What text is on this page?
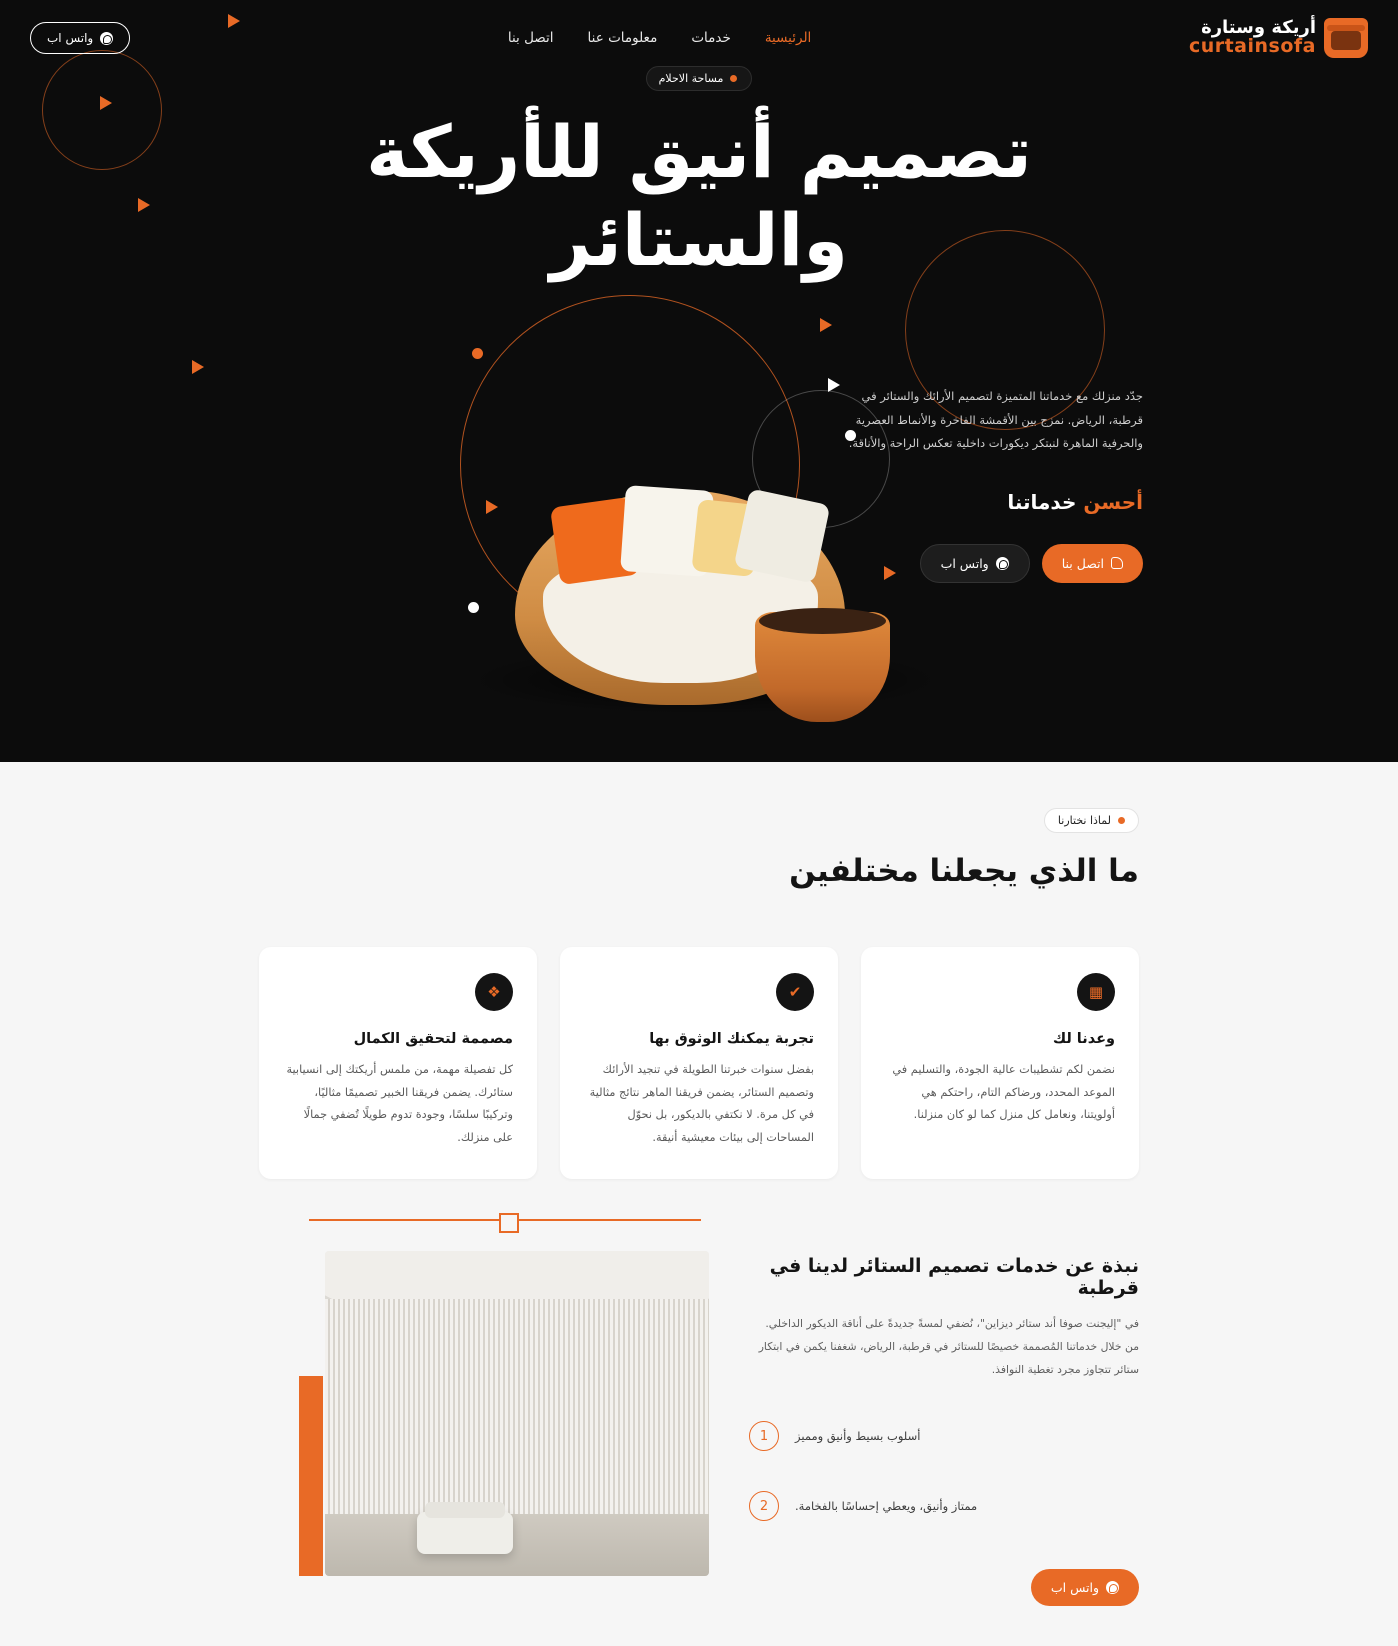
أريكة وستارة
curtainsofa
الرئيسية
خدمات
معلومات عنا
اتصل بنا
واتس اب
مساحة الاحلام
تصميم أنيق للأريكة
والستائر

جدّد منزلك مع خدماتنا المتميزة لتصميم الأرائك والستائر في قرطبة، الرياض. نمزج بين الأقمشة الفاخرة والأنماط العصرية والحرفية الماهرة لنبتكر ديكورات داخلية تعكس الراحة والأناقة.

أحسن خدماتنا
اتصل بنا
واتس اب
لماذا نختارنا
ما الذي يجعلنا مختلفين
▦
وعدنا لك

نضمن لكم تشطيبات عالية الجودة، والتسليم في الموعد المحدد، ورضاكم التام، راحتكم هي أولويتنا، ونعامل كل منزل كما لو كان منزلنا.

✔
تجربة يمكنك الوثوق بها

بفضل سنوات خبرتنا الطويلة في تنجيد الأرائك وتصميم الستائر، يضمن فريقنا الماهر نتائج مثالية في كل مرة. لا نكتفي بالديكور، بل نحوّل المساحات إلى بيئات معيشية أنيقة.

❖
مصممة لتحقيق الكمال

كل تفصيلة مهمة، من ملمس أريكتك إلى انسيابية ستائرك. يضمن فريقنا الخبير تصميمًا مثاليًا، وتركيبًا سلسًا، وجودة تدوم طويلًا تُضفي جمالًا على منزلك.

نبذة عن خدمات تصميم الستائر لدينا في قرطبة

في "إليجنت صوفا أند ستائر ديزاين"، نُضفي لمسةً جديدةً على أناقة الديكور الداخلي. من خلال خدماتنا المُصممة خصيصًا للستائر في قرطبة، الرياض، شغفنا يكمن في ابتكار ستائر تتجاوز مجرد تغطية النوافذ.

1	أسلوب بسيط وأنيق ومميز
2	ممتاز وأنيق، ويعطي إحساسًا بالفخامة.
واتس اب
